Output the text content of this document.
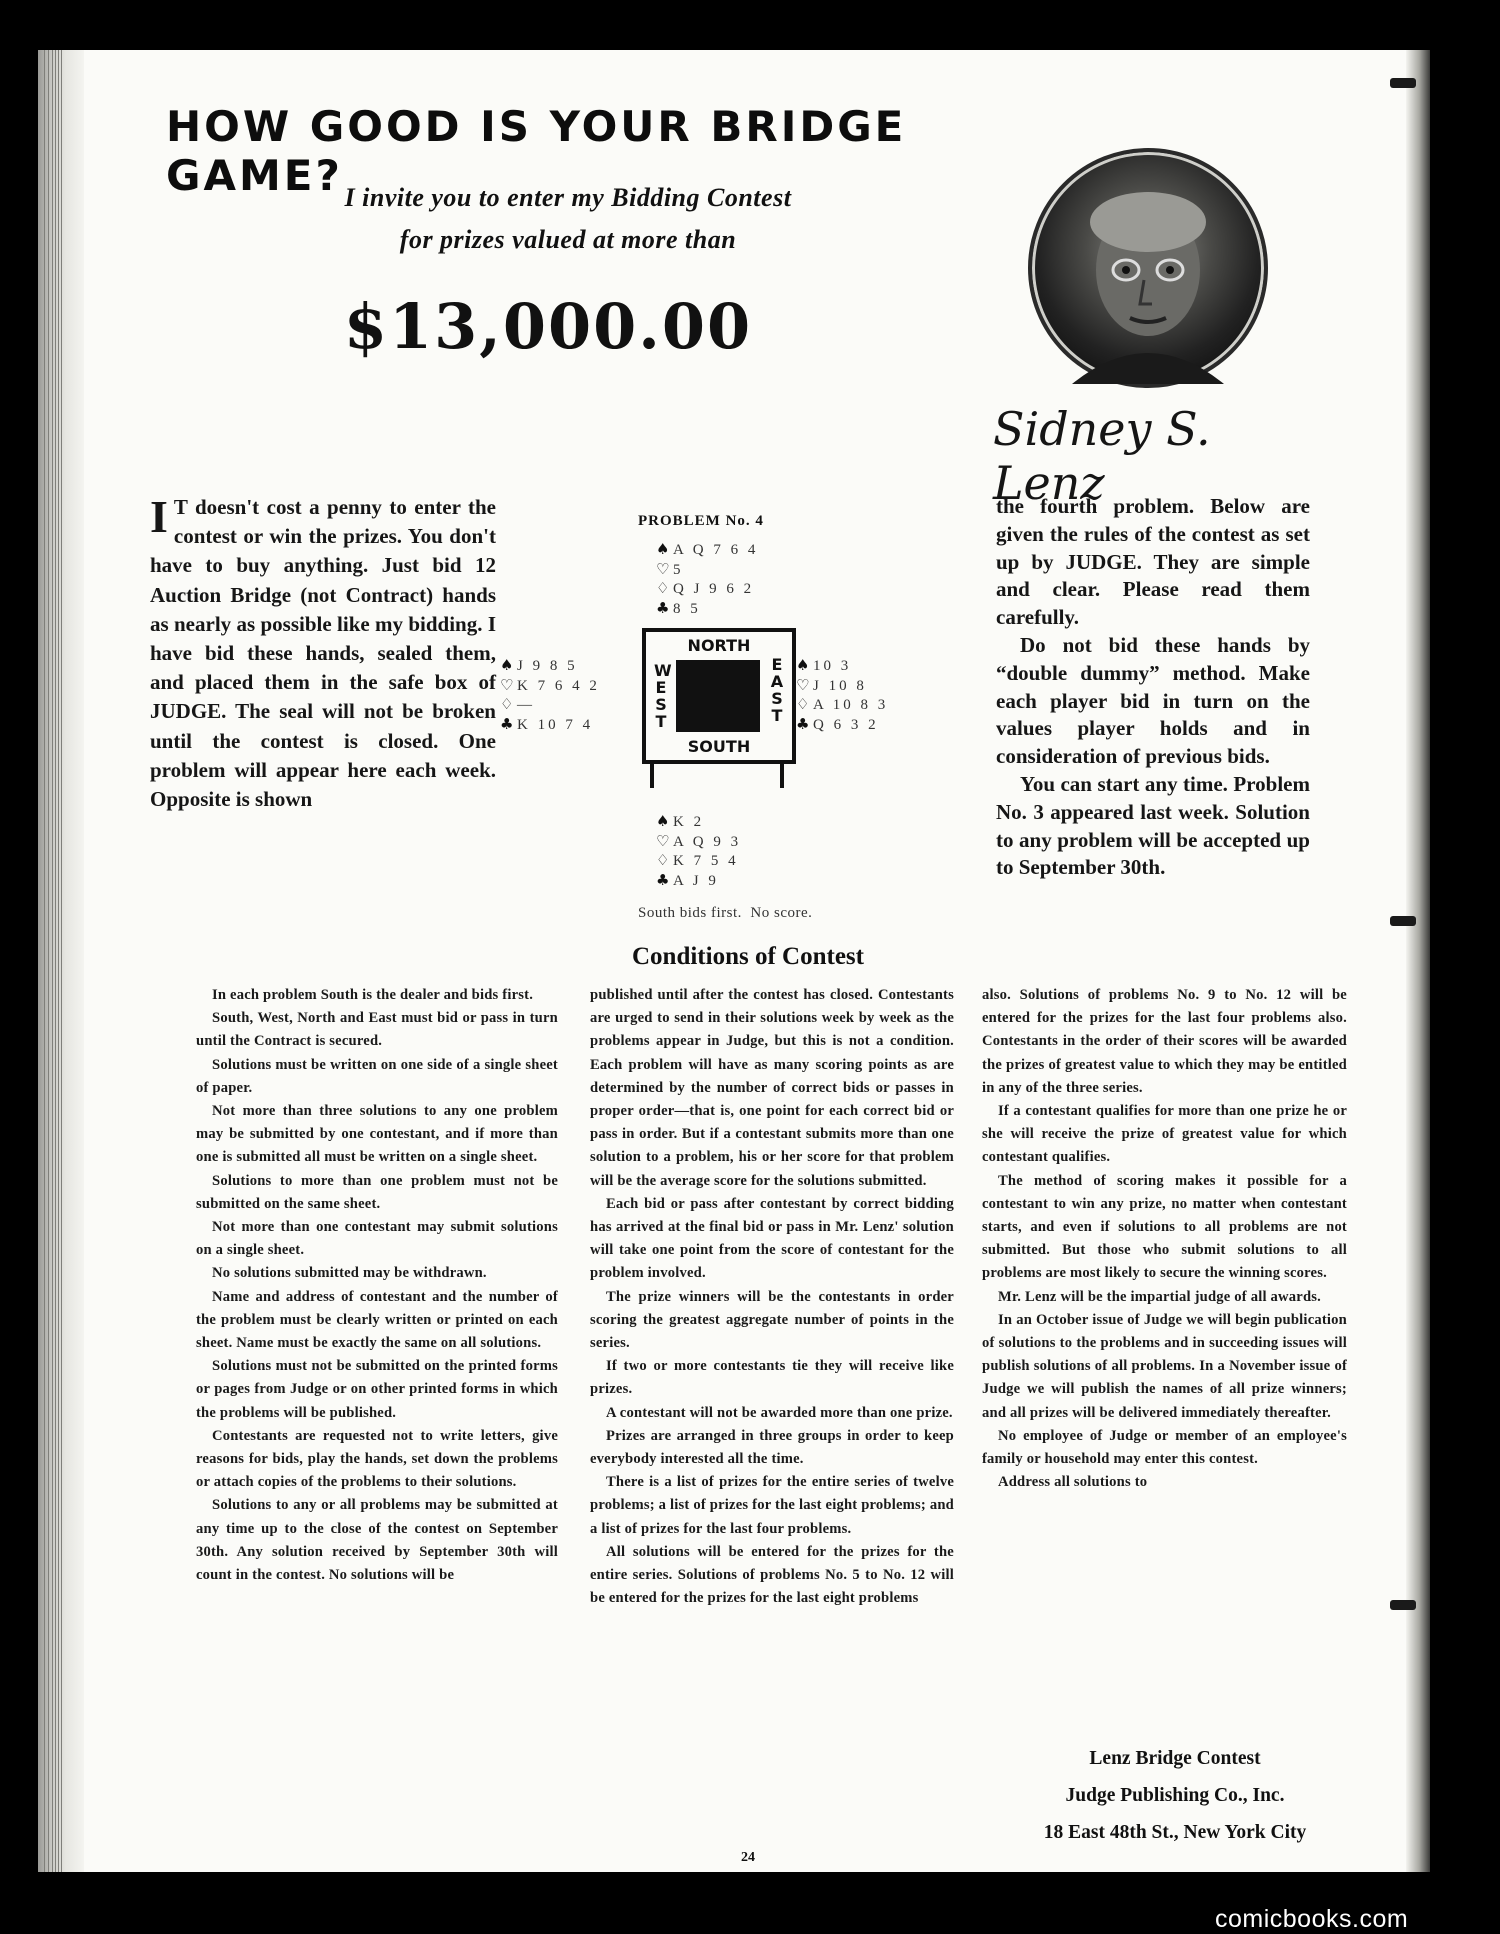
HOW GOOD IS YOUR BRIDGE GAME? I invite you to enter my Bidding Contest
for prizes valued at more than
$13,000.00
Sidney S. Lenz
I T doesn't cost a penny to enter the contest or win the prizes. You don't have to buy anything. Just bid 12 Auction Bridge (not Contract) hands as nearly as possible like my bidding. I have bid these hands, sealed them, and placed them in the safe box of JUDGE. The seal will not be broken until the contest is closed. One problem will appear here each week. Opposite is shown
PROBLEM No. 4
♠ A Q 7 6 4
♡ 5
♢ Q J 9 6 2
♣ 8 5
♠ J 9 8 5
♡ K 7 6 4 2
♢ —
♣ K 10 7 4
NORTH
SOUTH
WEST
EAST
♠ 10 3
♡ J 10 8
♢ A 10 8 3
♣ Q 6 3 2
♠ K 2
♡ A Q 9 3
♢ K 7 5 4
♣ A J 9
South bids first.  No score.

the fourth problem. Below are given the rules of the contest as set up by JUDGE. They are simple and clear. Please read them carefully.

Do not bid these hands by “double dummy” method. Make each player bid in turn on the values player holds and in consideration of previous bids.

You can start any time. Problem No. 3 appeared last week. Solution to any problem will be accepted up to September 30th.

Conditions of Contest

In each problem South is the dealer and bids first.

South, West, North and East must bid or pass in turn until the Contract is secured.

Solutions must be written on one side of a single sheet of paper.

Not more than three solutions to any one problem may be submitted by one contestant, and if more than one is submitted all must be written on a single sheet.

Solutions to more than one problem must not be submitted on the same sheet.

Not more than one contestant may submit solutions on a single sheet.

No solutions submitted may be withdrawn.

Name and address of contestant and the number of the problem must be clearly written or printed on each sheet. Name must be exactly the same on all solutions.

Solutions must not be submitted on the printed forms or pages from Judge or on other printed forms in which the problems will be published.

Contestants are requested not to write letters, give reasons for bids, play the hands, set down the problems or attach copies of the problems to their solutions.

Solutions to any or all problems may be submitted at any time up to the close of the contest on September 30th. Any solution received by September 30th will count in the contest. No solutions will be

published until after the contest has closed. Contestants are urged to send in their solutions week by week as the problems appear in Judge, but this is not a condition. Each problem will have as many scoring points as are determined by the number of correct bids or passes in proper order—that is, one point for each correct bid or pass in order. But if a contestant submits more than one solution to a problem, his or her score for that problem will be the average score for the solutions submitted.

Each bid or pass after contestant by correct bidding has arrived at the final bid or pass in Mr. Lenz' solution will take one point from the score of contestant for the problem involved.

The prize winners will be the contestants in order scoring the greatest aggregate number of points in the series.

If two or more contestants tie they will receive like prizes.

A contestant will not be awarded more than one prize.

Prizes are arranged in three groups in order to keep everybody interested all the time.

There is a list of prizes for the entire series of twelve problems; a list of prizes for the last eight problems; and a list of prizes for the last four problems.

All solutions will be entered for the prizes for the entire series. Solutions of problems No. 5 to No. 12 will be entered for the prizes for the last eight problems

also. Solutions of problems No. 9 to No. 12 will be entered for the prizes for the last four problems also. Contestants in the order of their scores will be awarded the prizes of greatest value to which they may be entitled in any of the three series.

If a contestant qualifies for more than one prize he or she will receive the prize of greatest value for which contestant qualifies.

The method of scoring makes it possible for a contestant to win any prize, no matter when contestant starts, and even if solutions to all problems are not submitted. But those who submit solutions to all problems are most likely to secure the winning scores.

Mr. Lenz will be the impartial judge of all awards.

In an October issue of Judge we will begin publication of solutions to the problems and in succeeding issues will publish solutions of all problems. In a November issue of Judge we will publish the names of all prize winners; and all prizes will be delivered immediately thereafter.

No employee of Judge or member of an employee's family or household may enter this contest.

Address all solutions to

Lenz Bridge Contest
Judge Publishing Co., Inc.
18 East 48th St., New York City
24
comicbooks.com
